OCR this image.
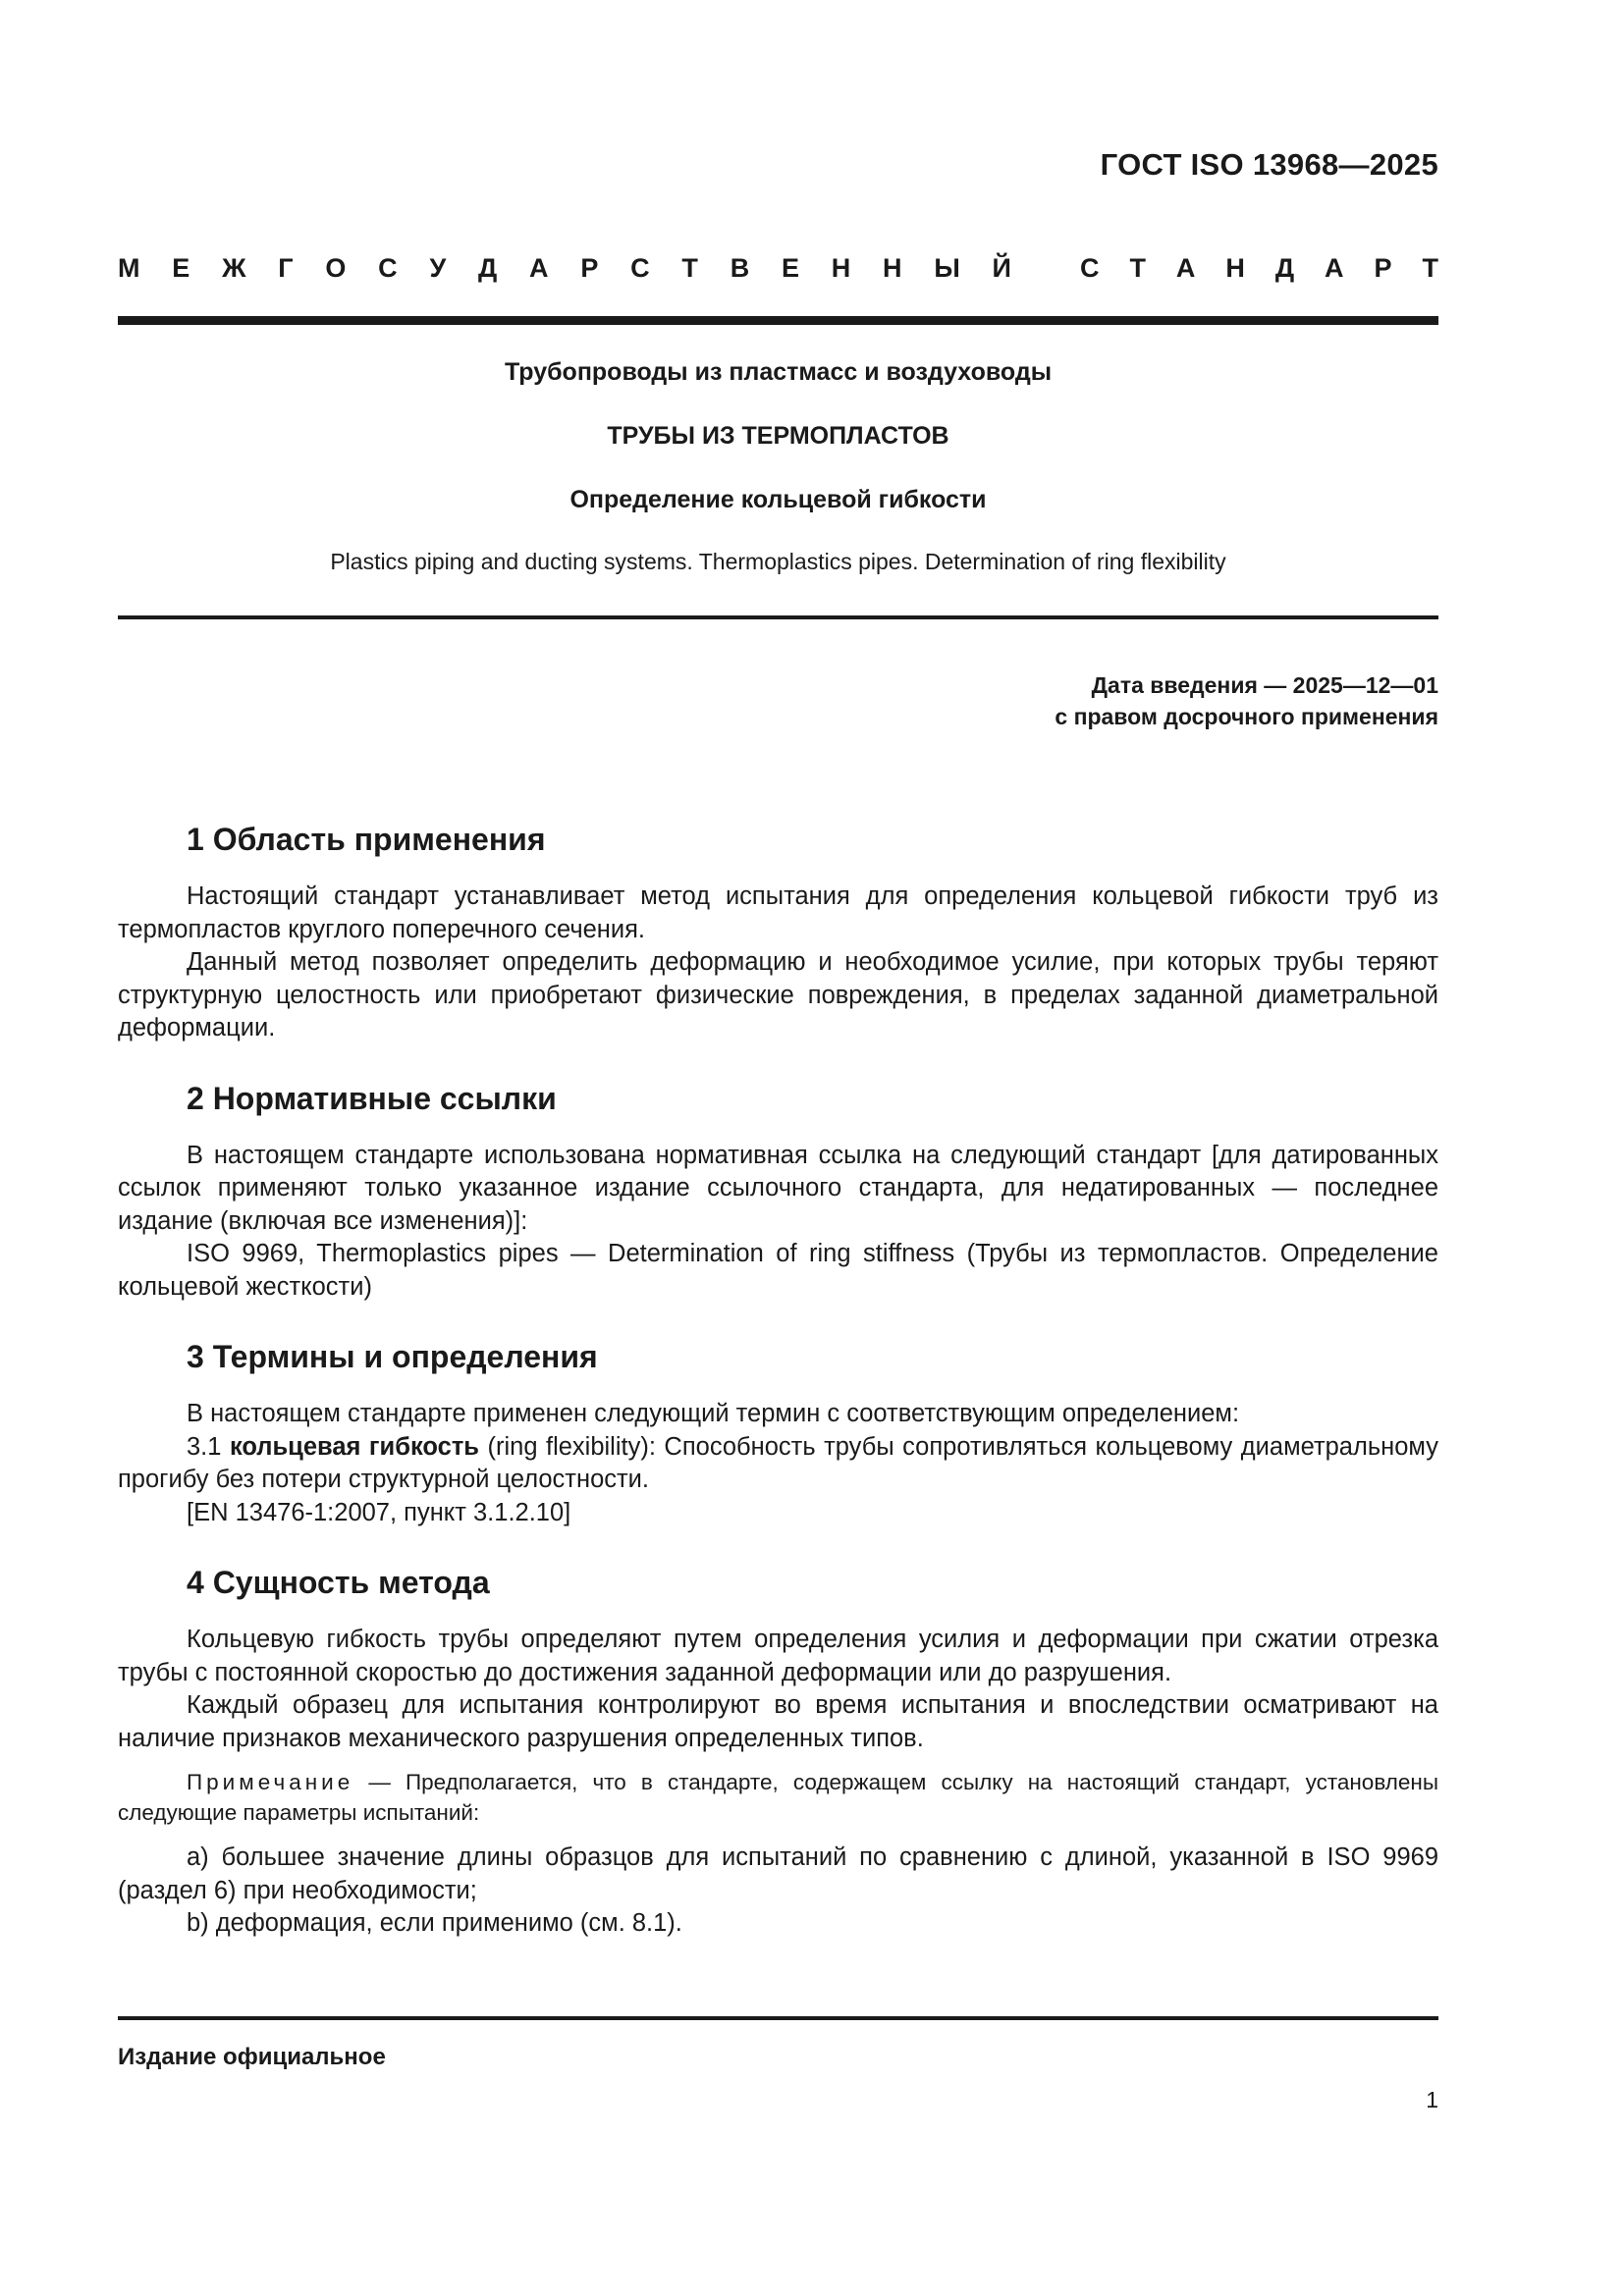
ГОСТ ISO 13968—2025
М Е Ж Г О С У Д А Р С Т В Е Н Н Ы Й	С Т А Н Д А Р Т
Трубопроводы из пластмасс и воздуховоды
ТРУБЫ ИЗ ТЕРМОПЛАСТОВ
Определение кольцевой гибкости
Plastics piping and ducting systems. Thermoplastics pipes. Determination of ring flexibility
Дата введения — 2025—12—01
с правом досрочного применения
1 Область применения

Настоящий стандарт устанавливает метод испытания для определения кольцевой гибкости труб из термопластов круглого поперечного сечения.

Данный метод позволяет определить деформацию и необходимое усилие, при которых трубы теряют структурную целостность или приобретают физические повреждения, в пределах заданной диаметральной деформации.

2 Нормативные ссылки

В настоящем стандарте использована нормативная ссылка на следующий стандарт [для датированных ссылок применяют только указанное издание ссылочного стандарта, для недатированных — последнее издание (включая все изменения)]:

ISO 9969, Thermoplastics pipes — Determination of ring stiffness (Трубы из термопластов. Определение кольцевой жесткости)

3 Термины и определения

В настоящем стандарте применен следующий термин с соответствующим определением:

3.1 кольцевая гибкость (ring flexibility): Способность трубы сопротивляться кольцевому диаметральному прогибу без потери структурной целостности.

[EN 13476-1:2007, пункт 3.1.2.10]

4 Сущность метода

Кольцевую гибкость трубы определяют путем определения усилия и деформации при сжатии отрезка трубы с постоянной скоростью до достижения заданной деформации или до разрушения.

Каждый образец для испытания контролируют во время испытания и впоследствии осматривают на наличие признаков механического разрушения определенных типов.

Примечание — Предполагается, что в стандарте, содержащем ссылку на настоящий стандарт, установлены следующие параметры испытаний:

a) большее значение длины образцов для испытаний по сравнению с длиной, указанной в ISO 9969 (раздел 6) при необходимости;

b) деформация, если применимо (см. 8.1).

Издание официальное
1
